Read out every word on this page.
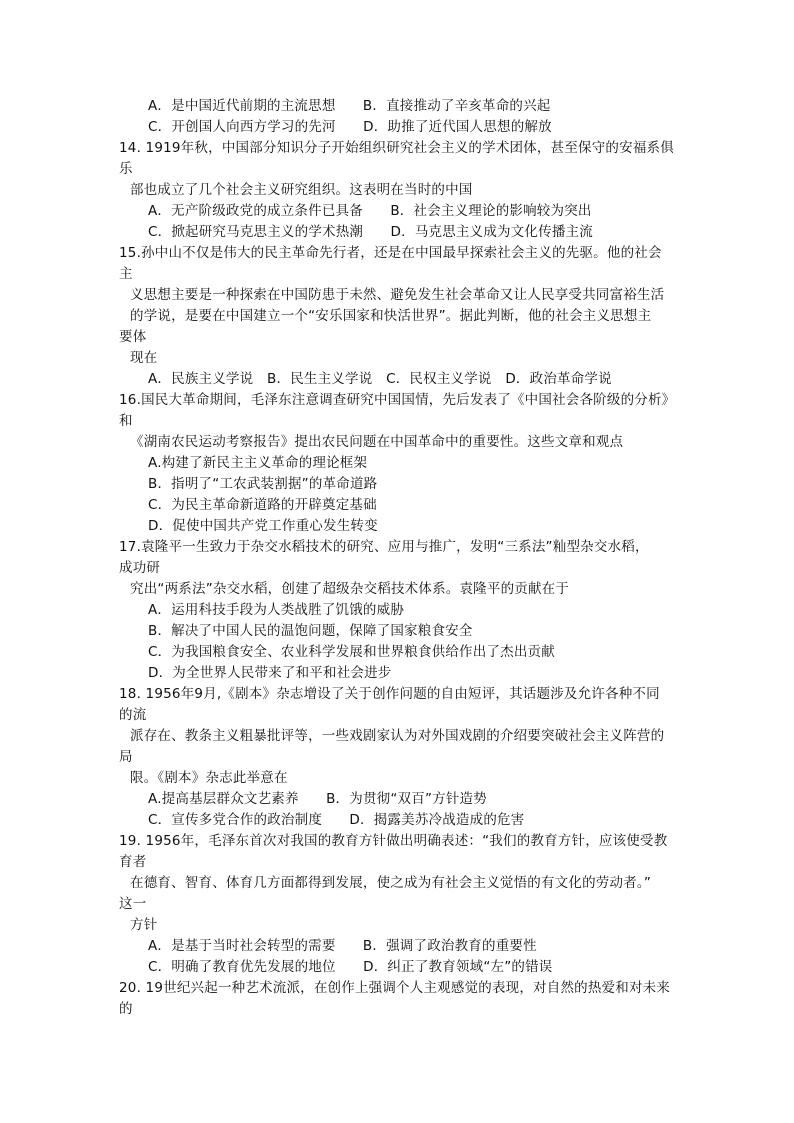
A．是中国近代前期的主流思想　　B．直接推动了辛亥革命的兴起
C．开创国人向西方学习的先河　　D．助推了近代国人思想的解放
14. 1919年秋，中国部分知识分子开始组织研究社会主义的学术团体，甚至保守的安福系俱
乐
部也成立了几个社会主义研究组织。这表明在当时的中国
A．无产阶级政党的成立条件已具备　　B．社会主义理论的影响较为突出
C．掀起研究马克思主义的学术热潮　　D．马克思主义成为文化传播主流
15.孙中山不仅是伟大的民主革命先行者，还是在中国最早探索社会主义的先驱。他的社会
主
义思想主要是一种探索在中国防患于未然、避免发生社会革命又让人民享受共同富裕生活
的学说，是要在中国建立一个“安乐国家和快活世界”。据此判断，他的社会主义思想主
要体
现在
A．民族主义学说　B．民生主义学说　C．民权主义学说　D．政治革命学说
16.国民大革命期间，毛泽东注意调查研究中国国情，先后发表了《中国社会各阶级的分析》
和
《湖南农民运动考察报告》提出农民问题在中国革命中的重要性。这些文章和观点
A.构建了新民主主义革命的理论框架
B．指明了“工农武装割据”的革命道路
C．为民主革命新道路的开辟奠定基础
D．促使中国共产党工作重心发生转变
17.袁隆平一生致力于杂交水稻技术的研究、应用与推广，发明“三系法”籼型杂交水稻，
成功研
究出“两系法”杂交水稻，创建了超级杂交稻技术体系。袁隆平的贡献在于
A．运用科技手段为人类战胜了饥饿的威胁
B．解决了中国人民的温饱问题，保障了国家粮食安全
C．为我国粮食安全、农业科学发展和世界粮食供给作出了杰出贡献
D．为全世界人民带来了和平和社会进步
18. 1956年9月,《剧本》杂志增设了关于创作问题的自由短评，其话题涉及允许各种不同
的流
派存在、教条主义粗暴批评等，一些戏剧家认为对外国戏剧的介绍要突破社会主义阵营的
局
限。《剧本》杂志此举意在
A.提高基层群众文艺素养　　B．为贯彻“双百”方针造势
C．宣传多党合作的政治制度　　D．揭露美苏冷战造成的危害
19. 1956年，毛泽东首次对我国的教育方针做出明确表述：“我们的教育方针，应该使受教
育者
在德育、智育、体育几方面都得到发展，使之成为有社会主义觉悟的有文化的劳动者。”
这一
方针
A．是基于当时社会转型的需要　　B．强调了政治教育的重要性
C．明确了教育优先发展的地位　　D．纠正了教育领域“左”的错误
20. 19世纪兴起一种艺术流派，在创作上强调个人主观感觉的表现，对自然的热爱和对未来
的
